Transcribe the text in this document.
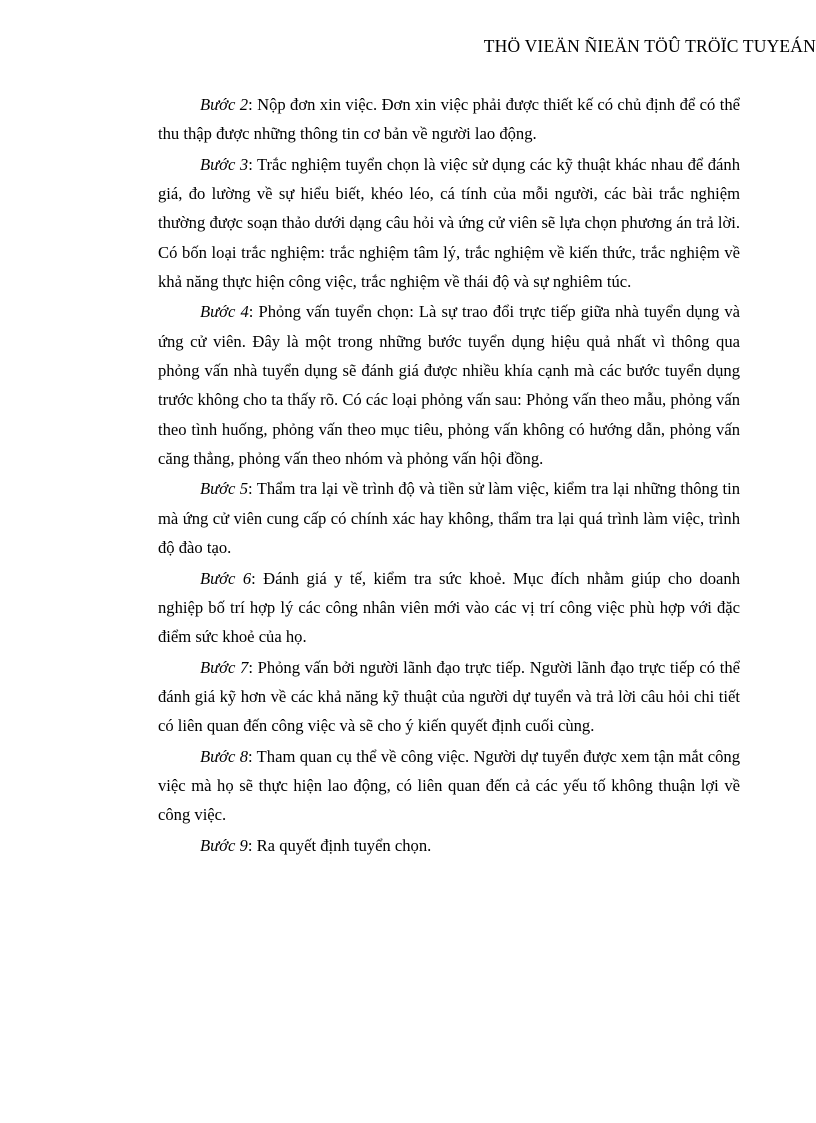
THÖ VIEÄN ÑIEÄN TÖÛ TRÖÏC TUYEÁN

Bước 2: Nộp đơn xin việc. Đơn xin việc phải được thiết kế có chủ định để có thể thu thập được những thông tin cơ bản về người lao động.

Bước 3: Trắc nghiệm tuyển chọn là việc sử dụng các kỹ thuật khác nhau để đánh giá, đo lường về sự hiểu biết, khéo léo, cá tính của mỗi người, các bài trắc nghiệm thường được soạn thảo dưới dạng câu hỏi và ứng cử viên sẽ lựa chọn phương án trả lời. Có bốn loại trắc nghiệm: trắc nghiệm tâm lý, trắc nghiệm về kiến thức, trắc nghiệm về khả năng thực hiện công việc, trắc nghiệm về thái độ và sự nghiêm túc.

Bước 4: Phỏng vấn tuyển chọn: Là sự trao đổi trực tiếp giữa nhà tuyển dụng và ứng cử viên. Đây là một trong những bước tuyển dụng hiệu quả nhất vì thông qua phỏng vấn nhà tuyển dụng sẽ đánh giá được nhiều khía cạnh mà các bước tuyển dụng trước không cho ta thấy rõ. Có các loại phỏng vấn sau: Phỏng vấn theo mẫu, phỏng vấn theo tình huống, phỏng vấn theo mục tiêu, phỏng vấn không có hướng dẫn, phỏng vấn căng thẳng, phỏng vấn theo nhóm và phỏng vấn hội đồng.

Bước 5: Thẩm tra lại về trình độ và tiền sử làm việc, kiểm tra lại những thông tin mà ứng cử viên cung cấp có chính xác hay không, thẩm tra lại quá trình làm việc, trình độ đào tạo.

Bước 6: Đánh giá y tế, kiểm tra sức khoẻ. Mục đích nhằm giúp cho doanh nghiệp bố trí hợp lý các công nhân viên mới vào các vị trí công việc phù hợp với đặc điểm sức khoẻ của họ.

Bước 7: Phỏng vấn bởi người lãnh đạo trực tiếp. Người lãnh đạo trực tiếp có thể đánh giá kỹ hơn về các khả năng kỹ thuật của người dự tuyển và trả lời câu hỏi chi tiết có liên quan đến công việc và sẽ cho ý kiến quyết định cuối cùng.

Bước 8: Tham quan cụ thể về công việc. Người dự tuyển được xem tận mắt công việc mà họ sẽ thực hiện lao động, có liên quan đến cả các yếu tố không thuận lợi về công việc.

Bước 9: Ra quyết định tuyển chọn.
